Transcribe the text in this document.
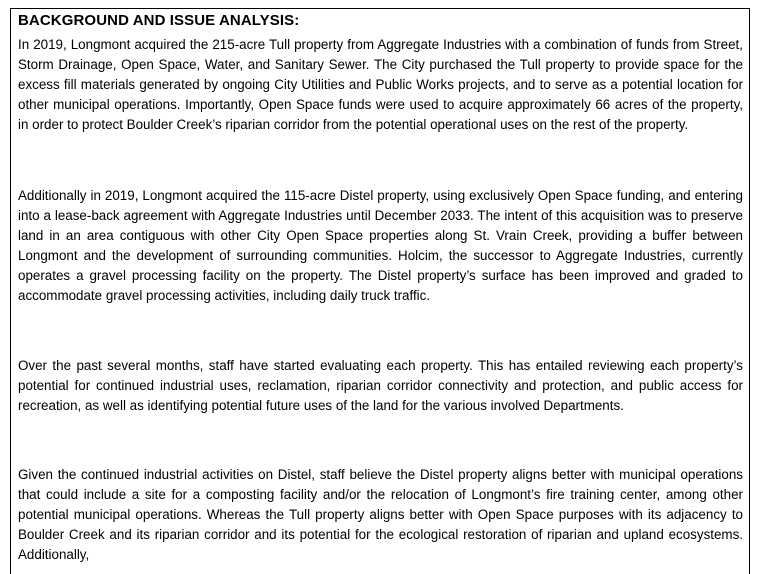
BACKGROUND AND ISSUE ANALYSIS:

In 2019, Longmont acquired the 215-acre Tull property from Aggregate Industries with a combination of funds from Street, Storm Drainage, Open Space, Water, and Sanitary Sewer. The City purchased the Tull property to provide space for the excess fill materials generated by ongoing City Utilities and Public Works projects, and to serve as a potential location for other municipal operations. Importantly, Open Space funds were used to acquire approximately 66 acres of the property, in order to protect Boulder Creek’s riparian corridor from the potential operational uses on the rest of the property.

Additionally in 2019, Longmont acquired the 115-acre Distel property, using exclusively Open Space funding, and entering into a lease-back agreement with Aggregate Industries until December 2033. The intent of this acquisition was to preserve land in an area contiguous with other City Open Space properties along St. Vrain Creek, providing a buffer between Longmont and the development of surrounding communities. Holcim, the successor to Aggregate Industries, currently operates a gravel processing facility on the property. The Distel property’s surface has been improved and graded to accommodate gravel processing activities, including daily truck traffic.

Over the past several months, staff have started evaluating each property. This has entailed reviewing each property’s potential for continued industrial uses, reclamation, riparian corridor connectivity and protection, and public access for recreation, as well as identifying potential future uses of the land for the various involved Departments.

Given the continued industrial activities on Distel, staff believe the Distel property aligns better with municipal operations that could include a site for a composting facility and/or the relocation of Longmont’s fire training center, among other potential municipal operations. Whereas the Tull property aligns better with Open Space purposes with its adjacency to Boulder Creek and its riparian corridor and its potential for the ecological restoration of riparian and upland ecosystems. Additionally,
